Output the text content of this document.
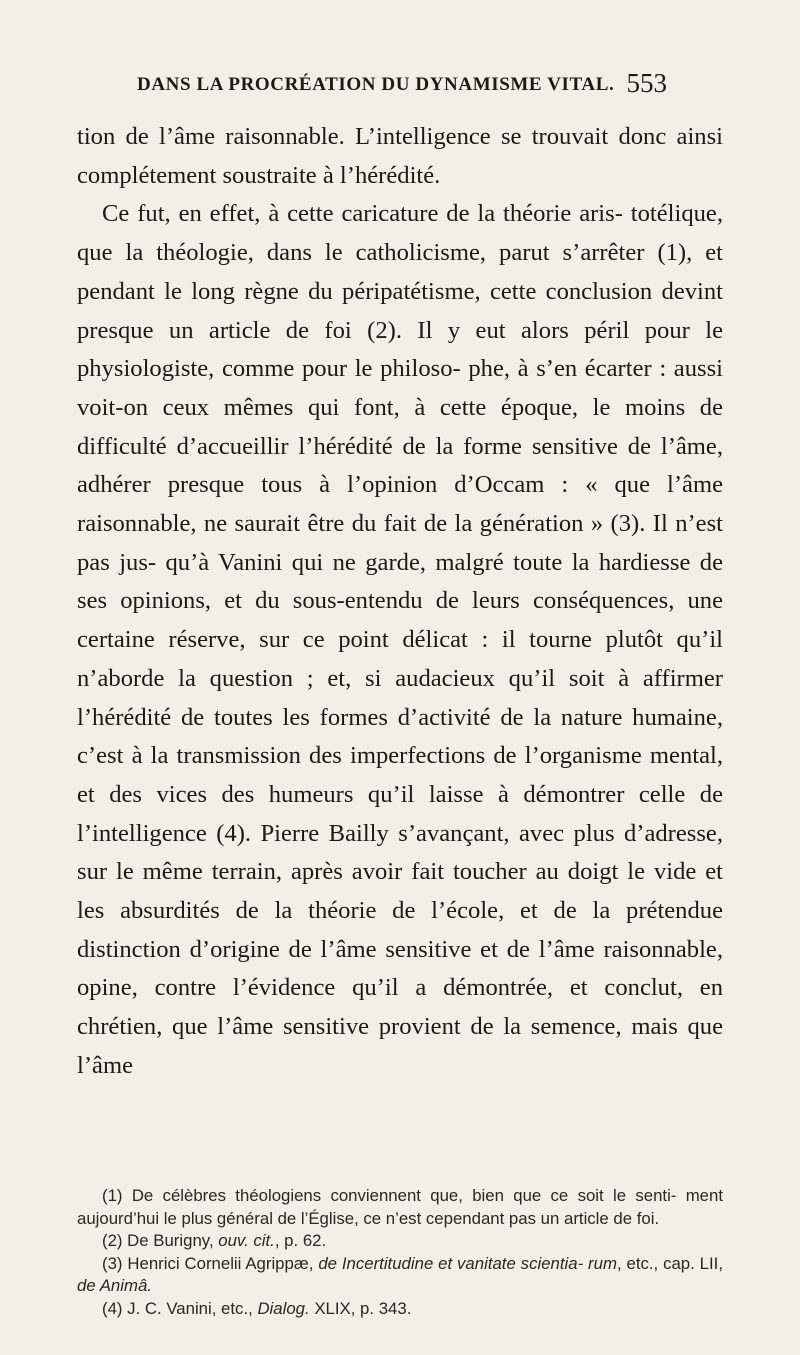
DANS LA PROCRÉATION DU DYNAMISME VITAL. 553

tion de l’âme raisonnable. L’intelligence se trouvait donc ainsi complétement soustraite à l’hérédité.

Ce fut, en effet, à cette caricature de la théorie aris- totélique, que la théologie, dans le catholicisme, parut s’arrêter (1), et pendant le long règne du péripatétisme, cette conclusion devint presque un article de foi (2). Il y eut alors péril pour le physiologiste, comme pour le philoso- phe, à s’en écarter : aussi voit-on ceux mêmes qui font, à cette époque, le moins de difficulté d’accueillir l’hérédité de la forme sensitive de l’âme, adhérer presque tous à l’opinion d’Occam : « que l’âme raisonnable, ne saurait être du fait de la génération » (3). Il n’est pas jus- qu’à Vanini qui ne garde, malgré toute la hardiesse de ses opinions, et du sous-entendu de leurs conséquences, une certaine réserve, sur ce point délicat : il tourne plutôt qu’il n’aborde la question ; et, si audacieux qu’il soit à affirmer l’hérédité de toutes les formes d’activité de la nature humaine, c’est à la transmission des imperfections de l’organisme mental, et des vices des humeurs qu’il laisse à démontrer celle de l’intelligence (4). Pierre Bailly s’avançant, avec plus d’adresse, sur le même terrain, après avoir fait toucher au doigt le vide et les absurdités de la théorie de l’école, et de la prétendue distinction d’origine de l’âme sensitive et de l’âme raisonnable, opine, contre l’évidence qu’il a démontrée, et conclut, en chrétien, que l’âme sensitive provient de la semence, mais que l’âme

(1) De célèbres théologiens conviennent que, bien que ce soit le senti- ment aujourd’hui le plus général de l’Église, ce n’est cependant pas un article de foi.

(2) De Burigny, ouv. cit., p. 62.

(3) Henrici Cornelii Agrippæ, de Incertitudine et vanitate scientia- rum, etc., cap. LII, de Animâ.

(4) J. C. Vanini, etc., Dialog. XLIX, p. 343.
